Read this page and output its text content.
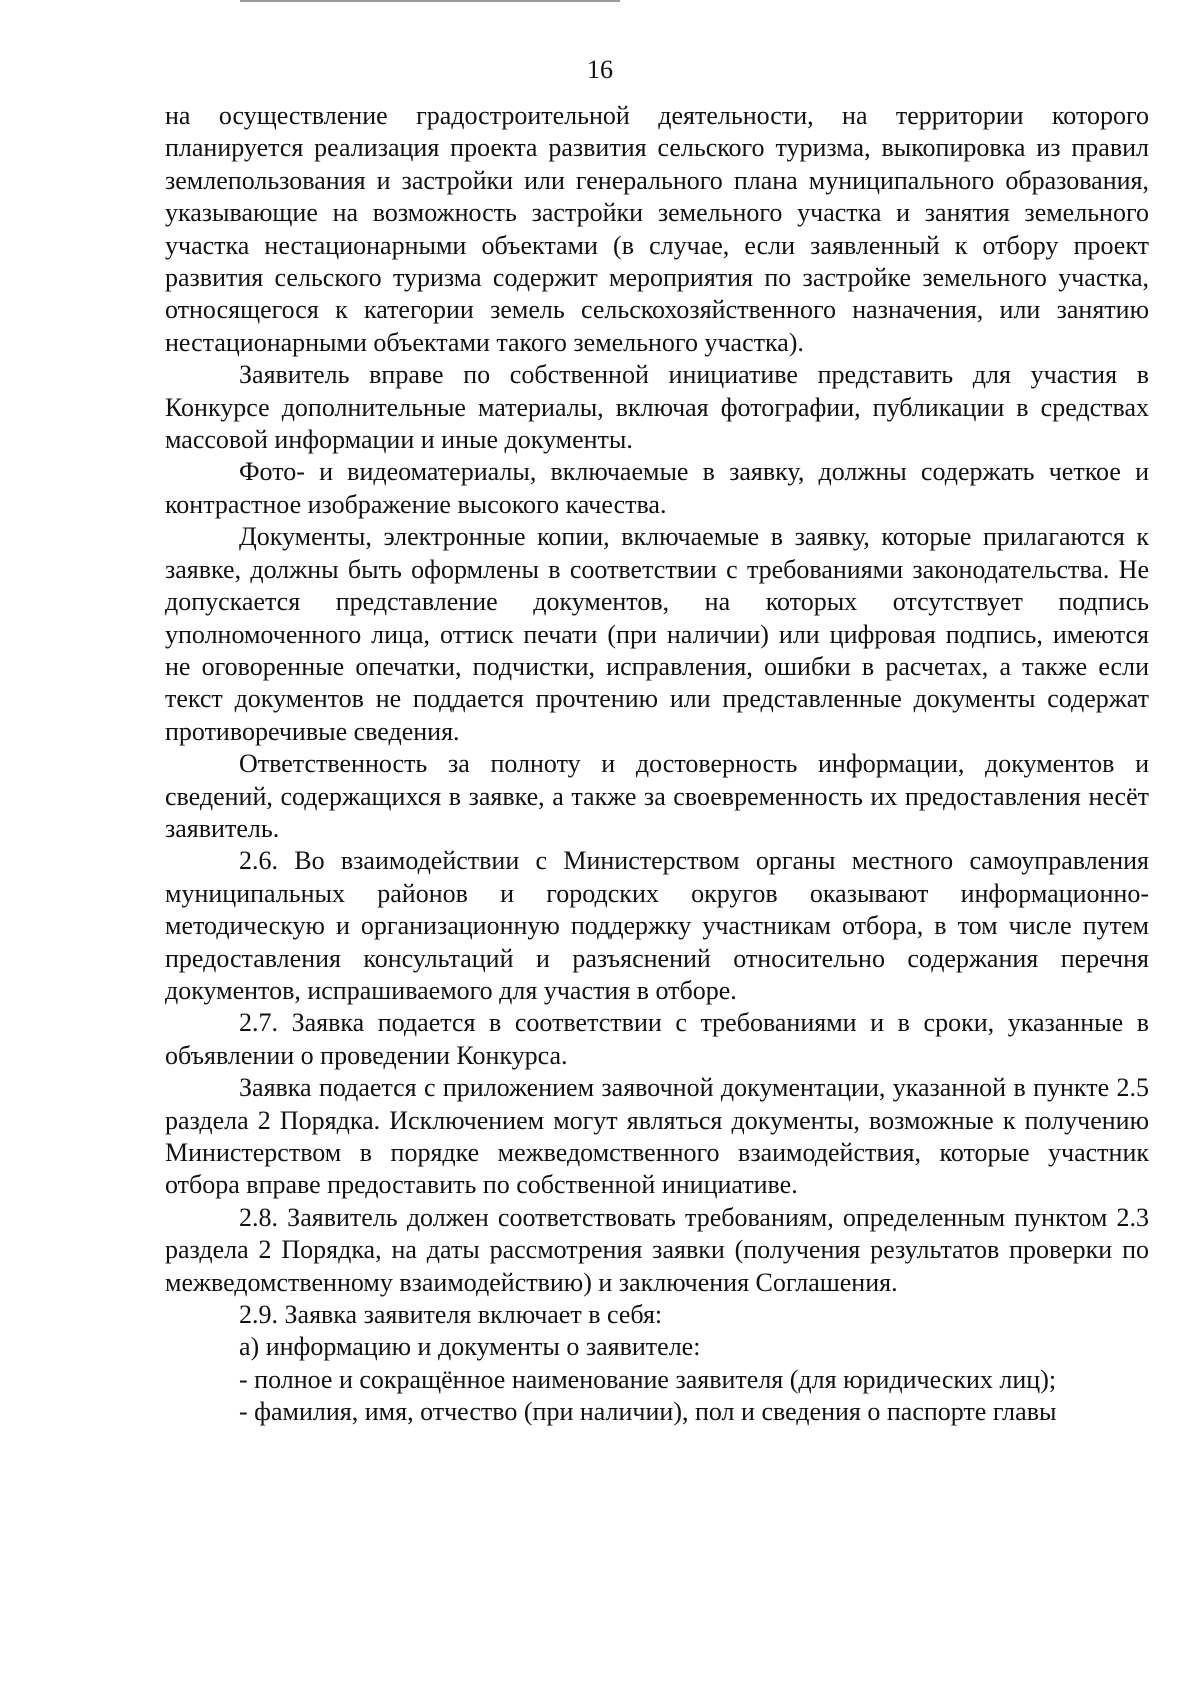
16

на осуществление градостроительной деятельности, на территории которого планируется реализация проекта развития сельского туризма, выкопировка из правил землепользования и застройки или генерального плана муниципального образования, указывающие на возможность застройки земельного участка и занятия земельного участка нестационарными объектами (в случае, если заявленный к отбору проект развития сельского туризма содержит мероприятия по застройке земельного участка, относящегося к категории земель сельскохозяйственного назначения, или занятию нестационарными объектами такого земельного участка).

Заявитель вправе по собственной инициативе представить для участия в Конкурсе дополнительные материалы, включая фотографии, публикации в средствах массовой информации и иные документы.

Фото- и видеоматериалы, включаемые в заявку, должны содержать четкое и контрастное изображение высокого качества.

Документы, электронные копии, включаемые в заявку, которые прилагаются к заявке, должны быть оформлены в соответствии с требованиями законодательства. Не допускается представление документов, на которых отсутствует подпись уполномоченного лица, оттиск печати (при наличии) или цифровая подпись, имеются не оговоренные опечатки, подчистки, исправления, ошибки в расчетах, а также если текст документов не поддается прочтению или представленные документы содержат противоречивые сведения.

Ответственность за полноту и достоверность информации, документов и сведений, содержащихся в заявке, а также за своевременность их предоставления несёт заявитель.

2.6. Во взаимодействии с Министерством органы местного самоуправления муниципальных районов и городских округов оказывают информационно-методическую и организационную поддержку участникам отбора, в том числе путем предоставления консультаций и разъяснений относительно содержания перечня документов, испрашиваемого для участия в отборе.

2.7. Заявка подается в соответствии с требованиями и в сроки, указанные в объявлении о проведении Конкурса.

Заявка подается с приложением заявочной документации, указанной в пункте 2.5 раздела 2 Порядка. Исключением могут являться документы, возможные к получению Министерством в порядке межведомственного взаимодействия, которые участник отбора вправе предоставить по собственной инициативе.

2.8. Заявитель должен соответствовать требованиям, определенным пунктом 2.3 раздела 2 Порядка, на даты рассмотрения заявки (получения результатов проверки по межведомственному взаимодействию) и заключения Соглашения.

2.9. Заявка заявителя включает в себя:

а) информацию и документы о заявителе:

- полное и сокращённое наименование заявителя (для юридических лиц);

- фамилия, имя, отчество (при наличии), пол и сведения о паспорте главы
